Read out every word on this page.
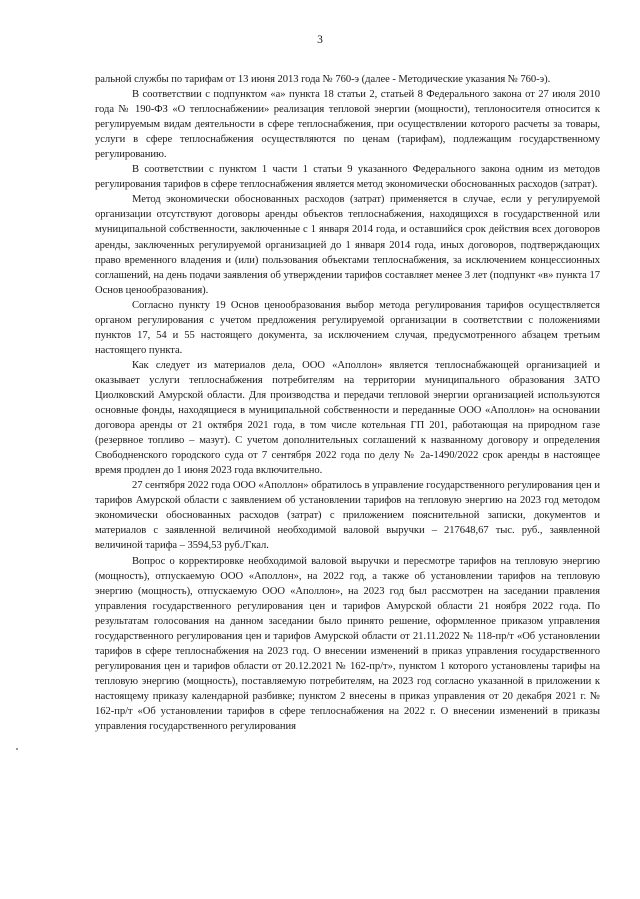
3

ральной службы по тарифам от 13 июня 2013 года № 760-э (далее - Методические указания № 760-э).

В соответствии с подпунктом «а» пункта 18 статьи 2, статьей 8 Федерального закона от 27 июля 2010 года № 190-ФЗ «О теплоснабжении» реализация тепловой энергии (мощности), теплоносителя относится к регулируемым видам деятельности в сфере теплоснабжения, при осуществлении которого расчеты за товары, услуги в сфере теплоснабжения осуществляются по ценам (тарифам), подлежащим государственному регулированию.

В соответствии с пунктом 1 части 1 статьи 9 указанного Федерального закона одним из методов регулирования тарифов в сфере теплоснабжения является метод экономически обоснованных расходов (затрат).

Метод экономически обоснованных расходов (затрат) применяется в случае, если у регулируемой организации отсутствуют договоры аренды объектов теплоснабжения, находящихся в государственной или муниципальной собственности, заключенные с 1 января 2014 года, и оставшийся срок действия всех договоров аренды, заключенных регулируемой организацией до 1 января 2014 года, иных договоров, подтверждающих право временного владения и (или) пользования объектами теплоснабжения, за исключением концессионных соглашений, на день подачи заявления об утверждении тарифов составляет менее 3 лет (подпункт «в» пункта 17 Основ ценообразования).

Согласно пункту 19 Основ ценообразования выбор метода регулирования тарифов осуществляется органом регулирования с учетом предложения регулируемой организации в соответствии с положениями пунктов 17, 54 и 55 настоящего документа, за исключением случая, предусмотренного абзацем третьим настоящего пункта.

Как следует из материалов дела, ООО «Аполлон» является теплоснабжающей организацией и оказывает услуги теплоснабжения потребителям на территории муниципального образования ЗАТО Циолковский Амурской области. Для производства и передачи тепловой энергии организацией используются основные фонды, находящиеся в муниципальной собственности и переданные ООО «Аполлон» на основании договора аренды от 21 октября 2021 года, в том числе котельная ГП 201, работающая на природном газе (резервное топливо – мазут). С учетом дополнительных соглашений к названному договору и определения Свободненского городского суда от 7 сентября 2022 года по делу № 2а-1490/2022 срок аренды в настоящее время продлен до 1 июня 2023 года включительно.

27 сентября 2022 года ООО «Аполлон» обратилось в управление государственного регулирования цен и тарифов Амурской области с заявлением об установлении тарифов на тепловую энергию на 2023 год методом экономически обоснованных расходов (затрат) с приложением пояснительной записки, документов и материалов с заявленной величиной необходимой валовой выручки – 217648,67 тыс. руб., заявленной величиной тарифа – 3594,53 руб./Гкал.

Вопрос о корректировке необходимой валовой выручки и пересмотре тарифов на тепловую энергию (мощность), отпускаемую ООО «Аполлон», на 2022 год, а также об установлении тарифов на тепловую энергию (мощность), отпускаемую ООО «Аполлон», на 2023 год был рассмотрен на заседании правления управления государственного регулирования цен и тарифов Амурской области 21 ноября 2022 года. По результатам голосования на данном заседании было принято решение, оформленное приказом управления государственного регулирования цен и тарифов Амурской области от 21.11.2022 № 118-пр/т «Об установлении тарифов в сфере теплоснабжения на 2023 год. О внесении изменений в приказ управления государственного регулирования цен и тарифов области от 20.12.2021 № 162-пр/т», пунктом 1 которого установлены тарифы на тепловую энергию (мощность), поставляемую потребителям, на 2023 год согласно указанной в приложении к настоящему приказу календарной разбивке; пунктом 2 внесены в приказ управления от 20 декабря 2021 г. № 162-пр/т «Об установлении тарифов в сфере теплоснабжения на 2022 г. О внесении изменений в приказы управления государственного регулирования
